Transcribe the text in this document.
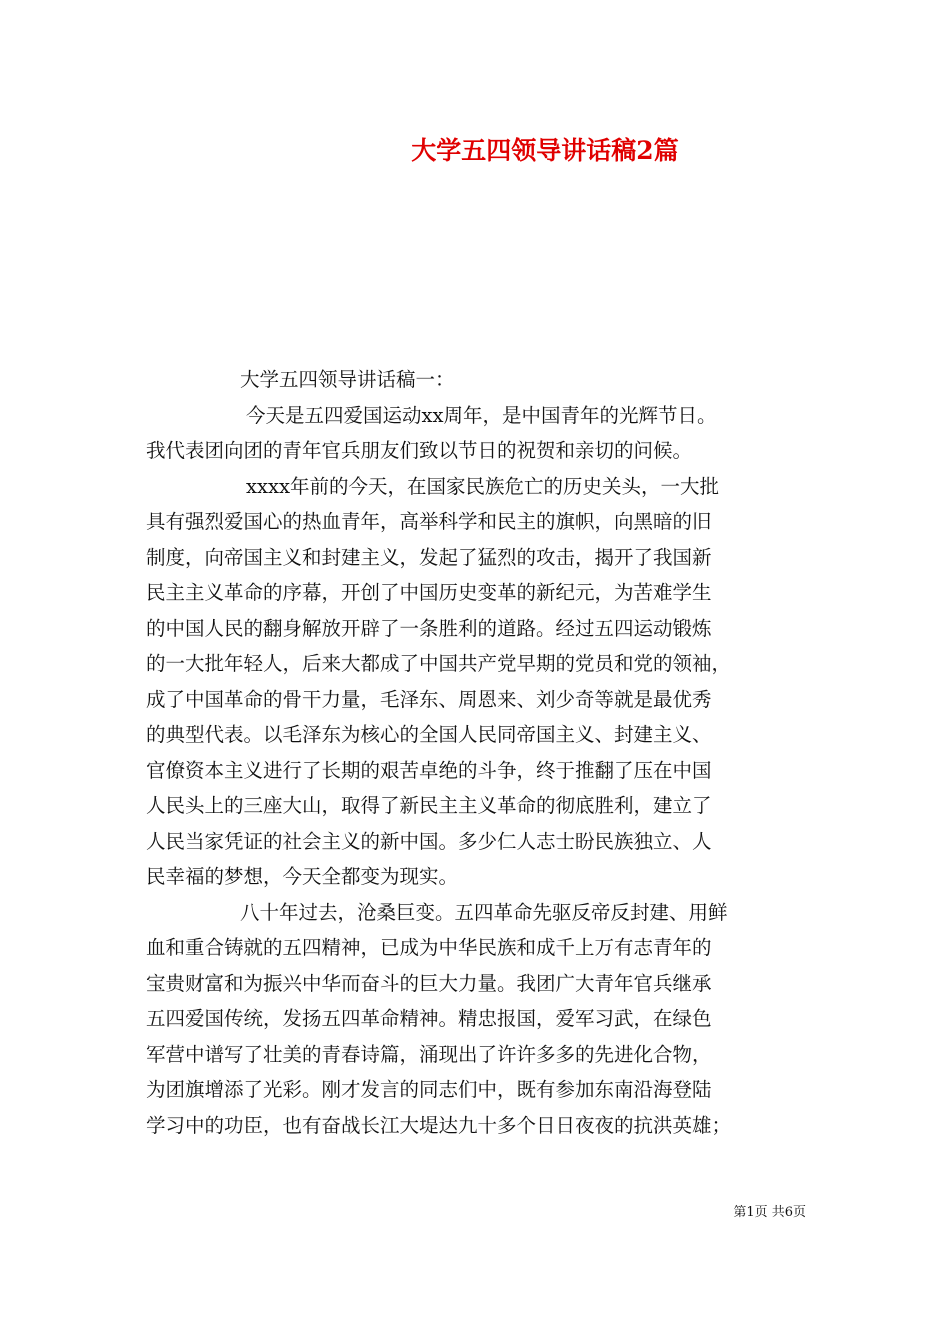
大学五四领导讲话稿2篇

大学五四领导讲话稿一：

今天是五四爱国运动xx周年，是中国青年的光辉节日。
我代表团向团的青年官兵朋友们致以节日的祝贺和亲切的问候。

xxxx年前的今天，在国家民族危亡的历史关头，一大批
具有强烈爱国心的热血青年，高举科学和民主的旗帜，向黑暗的旧
制度，向帝国主义和封建主义，发起了猛烈的攻击，揭开了我国新
民主主义革命的序幕，开创了中国历史变革的新纪元，为苦难学生
的中国人民的翻身解放开辟了一条胜利的道路。经过五四运动锻炼
的一大批年轻人，后来大都成了中国共产党早期的党员和党的领袖，
成了中国革命的骨干力量，毛泽东、周恩来、刘少奇等就是最优秀
的典型代表。以毛泽东为核心的全国人民同帝国主义、封建主义、
官僚资本主义进行了长期的艰苦卓绝的斗争，终于推翻了压在中国
人民头上的三座大山，取得了新民主主义革命的彻底胜利，建立了
人民当家凭证的社会主义的新中国。多少仁人志士盼民族独立、人
民幸福的梦想，今天全都变为现实。

八十年过去，沧桑巨变。五四革命先驱反帝反封建、用鲜
血和重合铸就的五四精神，已成为中华民族和成千上万有志青年的
宝贵财富和为振兴中华而奋斗的巨大力量。我团广大青年官兵继承
五四爱国传统，发扬五四革命精神。精忠报国，爱军习武，在绿色
军营中谱写了壮美的青春诗篇，涌现出了许许多多的先进化合物，
为团旗增添了光彩。刚才发言的同志们中，既有参加东南沿海登陆
学习中的功臣，也有奋战长江大堤达九十多个日日夜夜的抗洪英雄；

第1页 共6页
